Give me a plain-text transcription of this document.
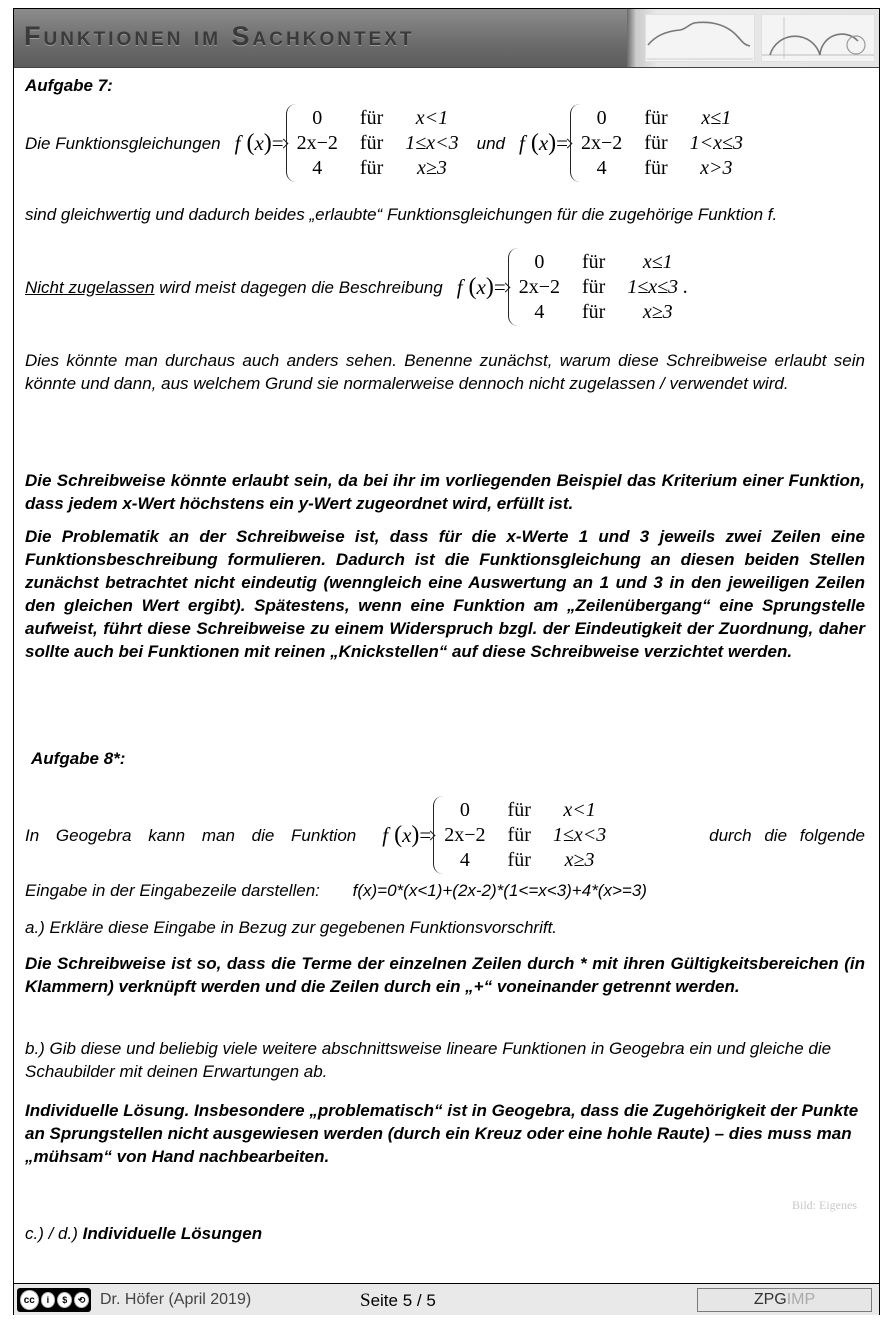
Funktionen im Sachkontext
Aufgabe 7:
Die Funktionsgleichungen f (x) =
0	für	x<1
2x−2 für 1≤x<3
4	für	x≥3
und f (x) =
0	für	x≤1
2x−2 für 1<x≤3
4	für	x>3
sind gleichwertig und dadurch beides „erlaubte“ Funktionsgleichungen für die zugehörige Funktion f.
Nicht zugelassen wird meist dagegen die Beschreibung f (x) =
0	für	x≤1
2x−2 für 1≤x≤3 .
4	für	x≥3
Dies könnte man durchaus auch anders sehen. Benenne zunächst, warum diese Schreibweise erlaubt sein könnte und dann, aus welchem Grund sie normalerweise dennoch nicht zugelassen / verwendet wird.
Die Schreibweise könnte erlaubt sein, da bei ihr im vorliegenden Beispiel das Kriterium einer Funktion, dass jedem x-Wert höchstens ein y-Wert zugeordnet wird, erfüllt ist.
Die Problematik an der Schreibweise ist, dass für die x-Werte 1 und 3 jeweils zwei Zeilen eine Funktionsbeschreibung formulieren. Dadurch ist die Funktionsgleichung an diesen beiden Stellen zunächst betrachtet nicht eindeutig (wenngleich eine Auswertung an 1 und 3 in den jeweiligen Zeilen den gleichen Wert ergibt). Spätestens, wenn eine Funktion am „Zeilenübergang“ eine Sprungstelle aufweist, führt diese Schreibweise zu einem Widerspruch bzgl. der Eindeutigkeit der Zuordnung, daher sollte auch bei Funktionen mit reinen „Knickstellen“ auf diese Schreibweise verzichtet werden.
Aufgabe 8*:
In Geogebra kann man die Funktion f (x) =
0	für	x<1
2x−2 für 1≤x<3
4	für	x≥3
durch die folgende
Eingabe in der Eingabezeile darstellen: f(x)=0*(x<1)+(2x-2)*(1<=x<3)+4*(x>=3)
a.) Erkläre diese Eingabe in Bezug zur gegebenen Funktionsvorschrift.
Die Schreibweise ist so, dass die Terme der einzelnen Zeilen durch * mit ihren Gültigkeitsbereichen (in Klammern) verknüpft werden und die Zeilen durch ein „+“ voneinander getrennt werden.
b.) Gib diese und beliebig viele weitere abschnittsweise lineare Funktionen in Geogebra ein und gleiche die Schaubilder mit deinen Erwartungen ab.
Individuelle Lösung. Insbesondere „problematisch“ ist in Geogebra, dass die Zugehörigkeit der Punkte an Sprungstellen nicht ausgewiesen werden (durch ein Kreuz oder eine hohle Raute) – dies muss man „mühsam“ von Hand nachbearbeiten.
Bild: Eigenes
c.) / d.) Individuelle Lösungen
cc	i	$	⟲ Dr. Höfer (April 2019)	Seite 5 / 5	ZPGIMP
